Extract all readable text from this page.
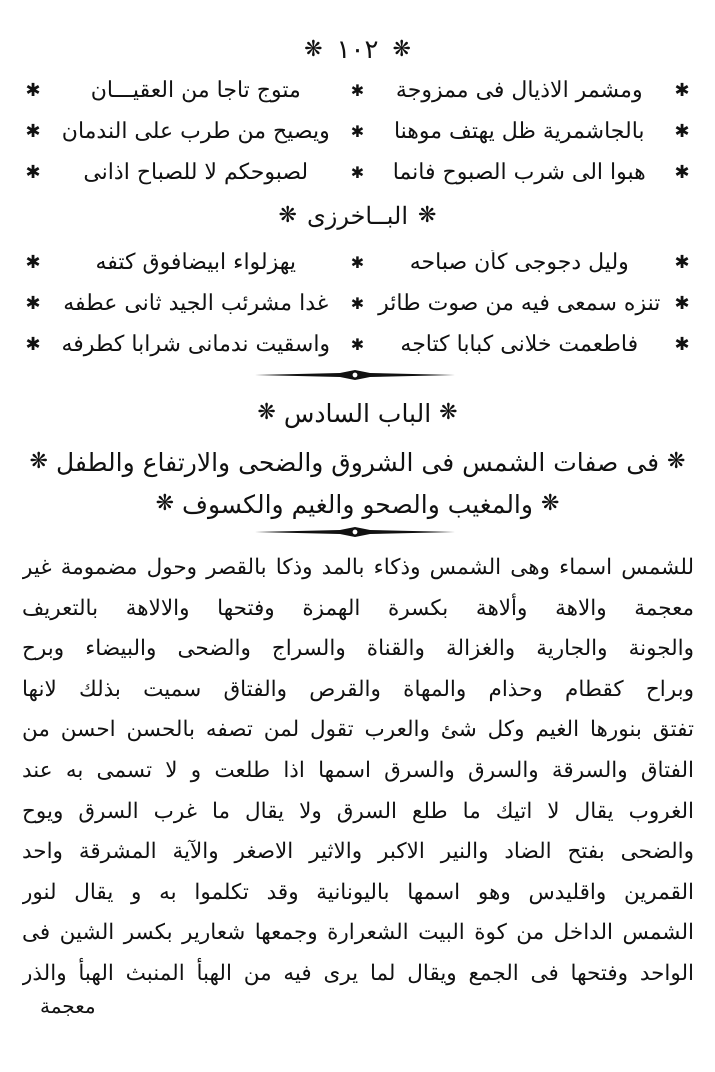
❋
١٠٢
❋
✱
ومشمر الاذيال فى ممزوجة
✱
متوج تاجا من العقيـــان
✱
✱
بالجاشمرية ظل يهتف موهنا
✱
ويصيح من طرب على الندمان
✱
✱
هبوا الى شرب الصبوح فانما
✱
لصبوحكم لا للصباح اذانى
✱
❋
البــاخرزى
❋
✱
وليل دجوجى كأن صباحه
✱
يهزلواء ابيضافوق كتفه
✱
✱
تنزه سمعى فيه من صوت طائر
✱
غدا مشرئب الجيد ثانى عطفه
✱
✱
فاطعمت خلانى كبابا كتاجه
✱
واسقيت ندمانى شرابا كطرفه
✱
❋
الباب السادس
❋
❋
فى صفات الشمس فى الشروق والضحى والارتفاع والطفل
❋
❋
والمغيب والصحو والغيم والكسوف
❋
للشمس اسماء وهى الشمس وذكاء بالمد وذكا بالقصر وحول مضمومة غير
معجمة والاهة وألاهة بكسرة الهمزة وفتحها والالاهة بالتعريف
والجونة والجارية والغزالة والقناة والسراج والضحى والبيضاء وبرح
وبراح كقطام وحذام والمهاة والقرص والفتاق سميت بذلك لانها
تفتق بنورها الغيم وكل شئ والعرب تقول لمن تصفه بالحسن احسن من
الفتاق والسرقة والسرق والسرق اسمها اذا طلعت و لا تسمى به عند
الغروب يقال لا اتيك ما طلع السرق ولا يقال ما غرب السرق ويوح
والضحى بفتح الضاد والنير الاكبر والاثير الاصغر والآية المشرقة واحد
القمرين واقليدس وهو اسمها باليونانية وقد تكلموا به و يقال لنور
الشمس الداخل من كوة البيت الشعرارة وجمعها شعارير بكسر الشين فى
الواحد وفتحها فى الجمع ويقال لما يرى فيه من الهبأ المنبث الهبأ والذر
معجمة
